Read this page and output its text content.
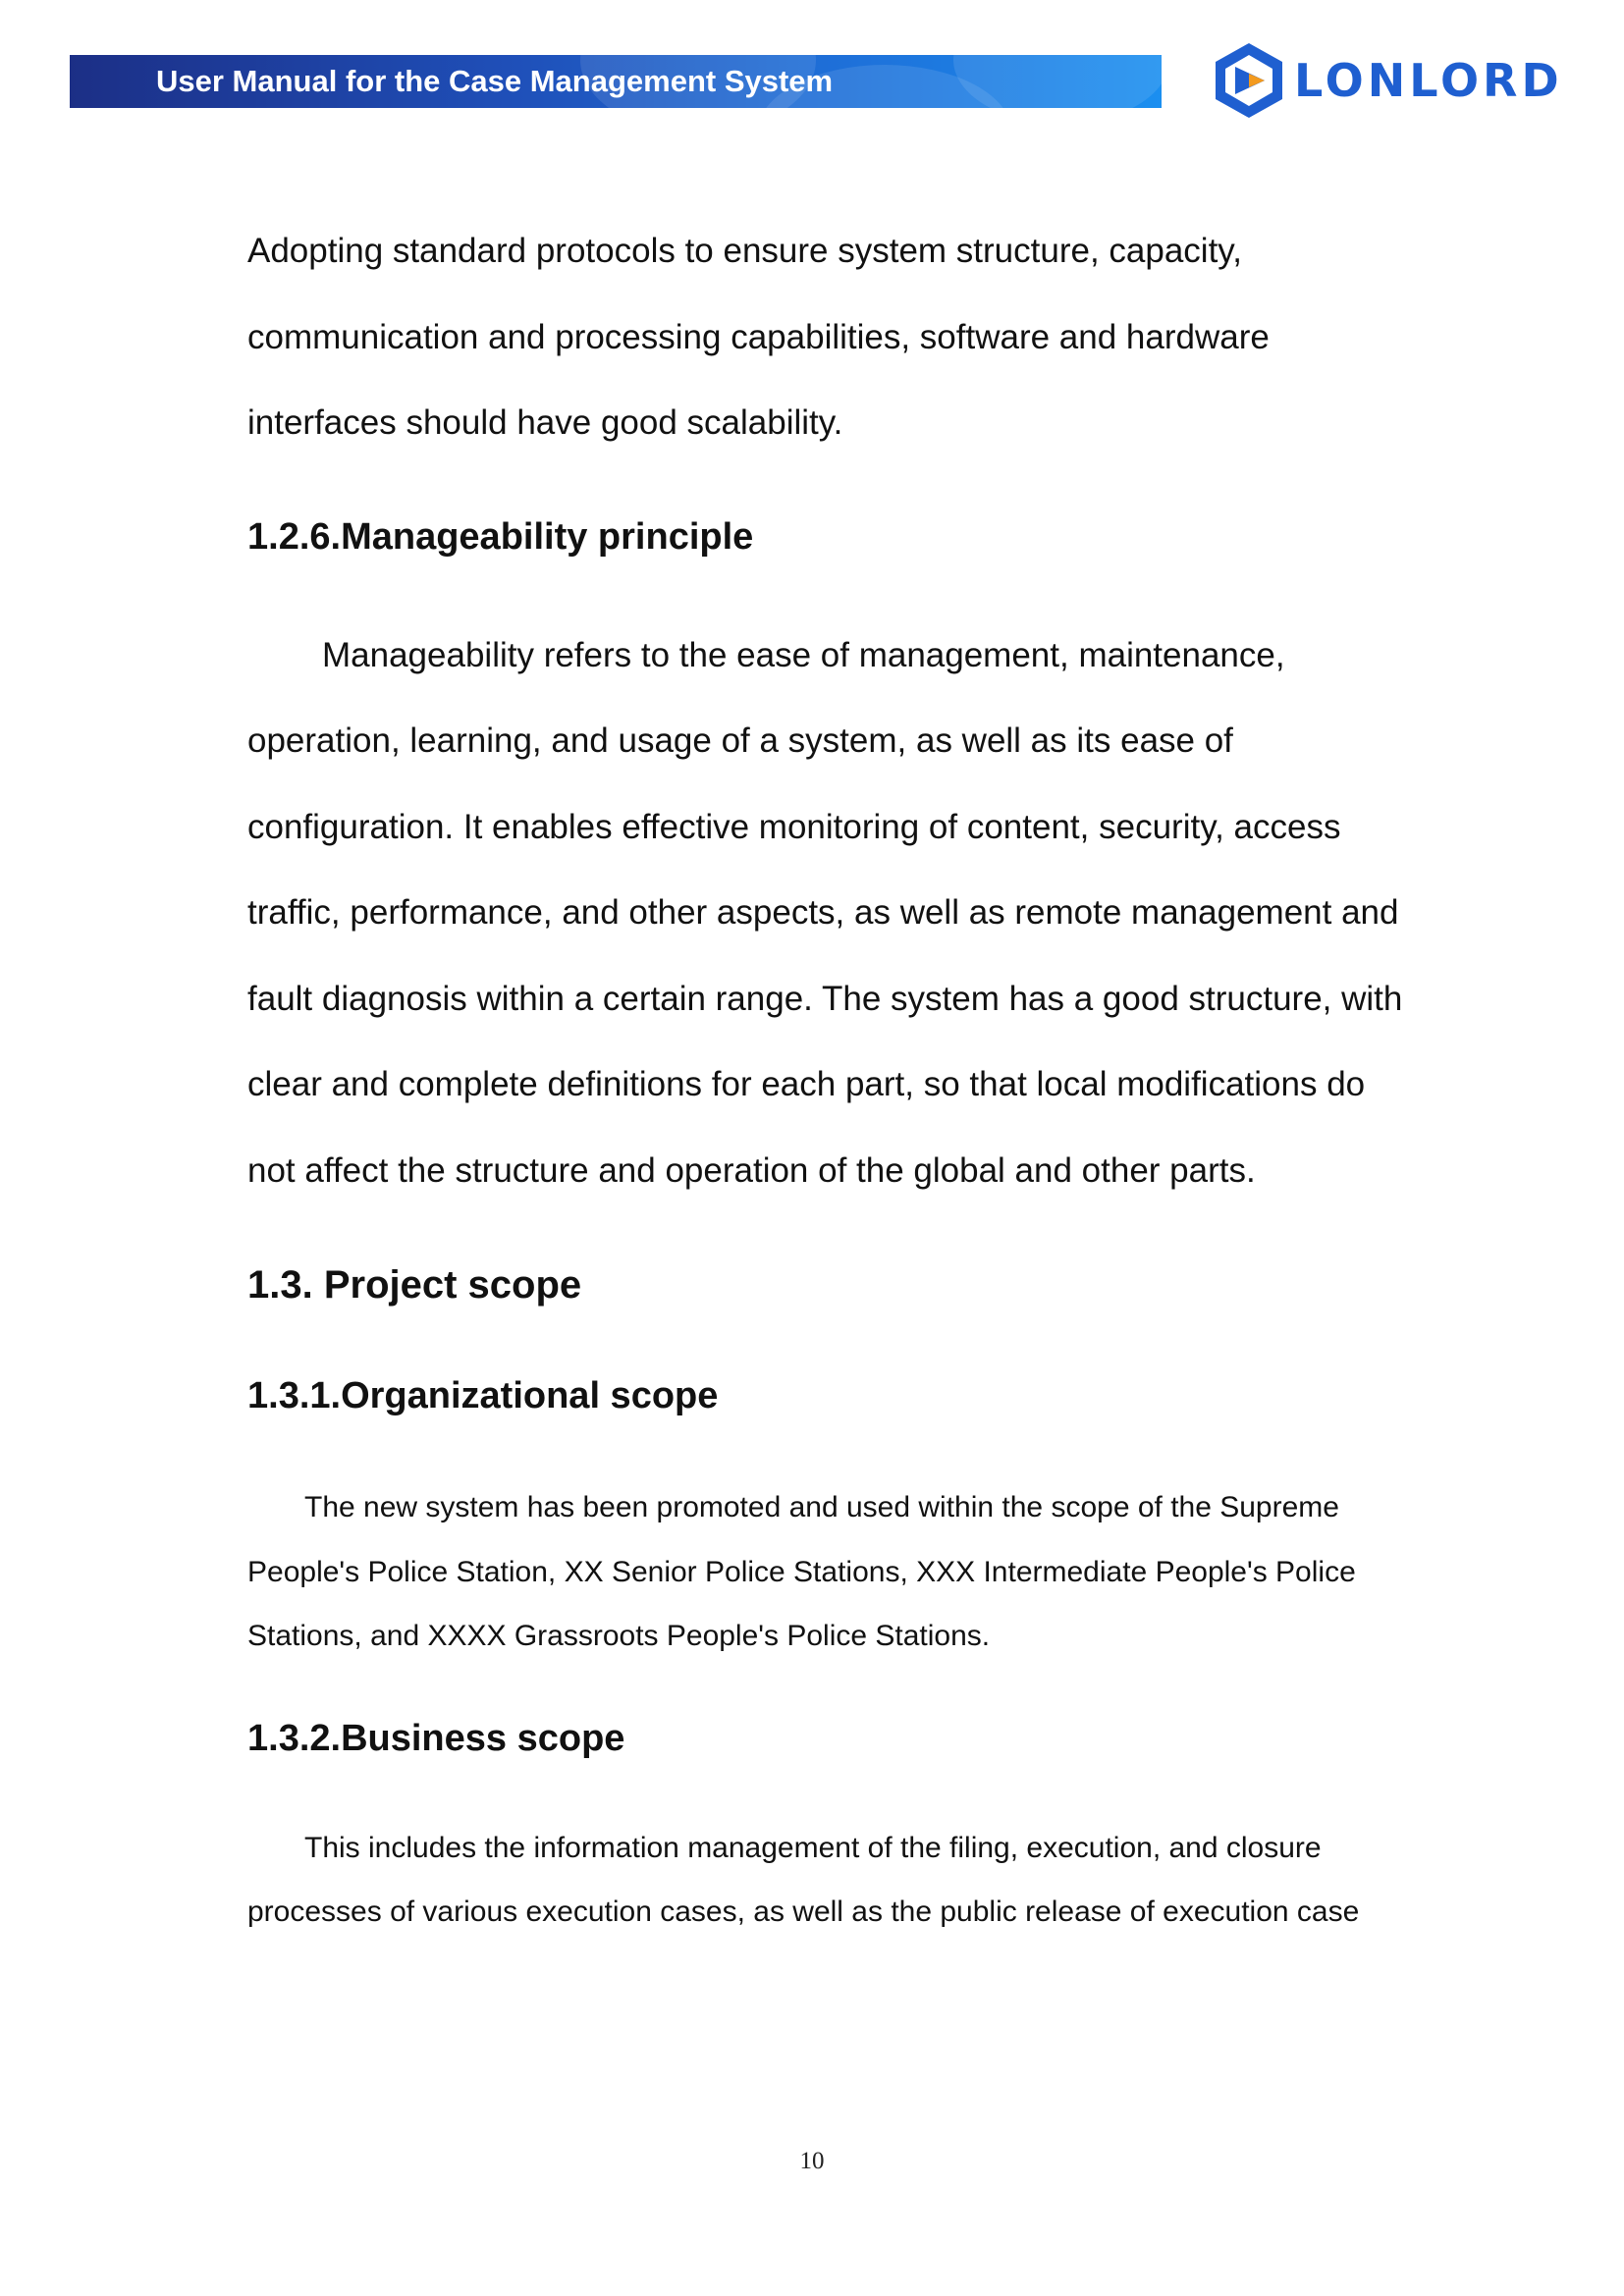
User Manual for the Case Management System	LONLORD

Adopting standard protocols to ensure system structure, capacity, communication and processing capabilities, software and hardware interfaces should have good scalability.

1.2.6.Manageability principle

Manageability refers to the ease of management, maintenance, operation, learning, and usage of a system, as well as its ease of configuration. It enables effective monitoring of content, security, access traffic, performance, and other aspects, as well as remote management and fault diagnosis within a certain range. The system has a good structure, with clear and complete definitions for each part, so that local modifications do not affect the structure and operation of the global and other parts.

1.3. Project scope
1.3.1.Organizational scope

The new system has been promoted and used within the scope of the Supreme People's Police Station, XX Senior Police Stations, XXX Intermediate People's Police Stations, and XXXX Grassroots People's Police Stations.

1.3.2.Business scope

This includes the information management of the filing, execution, and closure processes of various execution cases, as well as the public release of execution case

10
